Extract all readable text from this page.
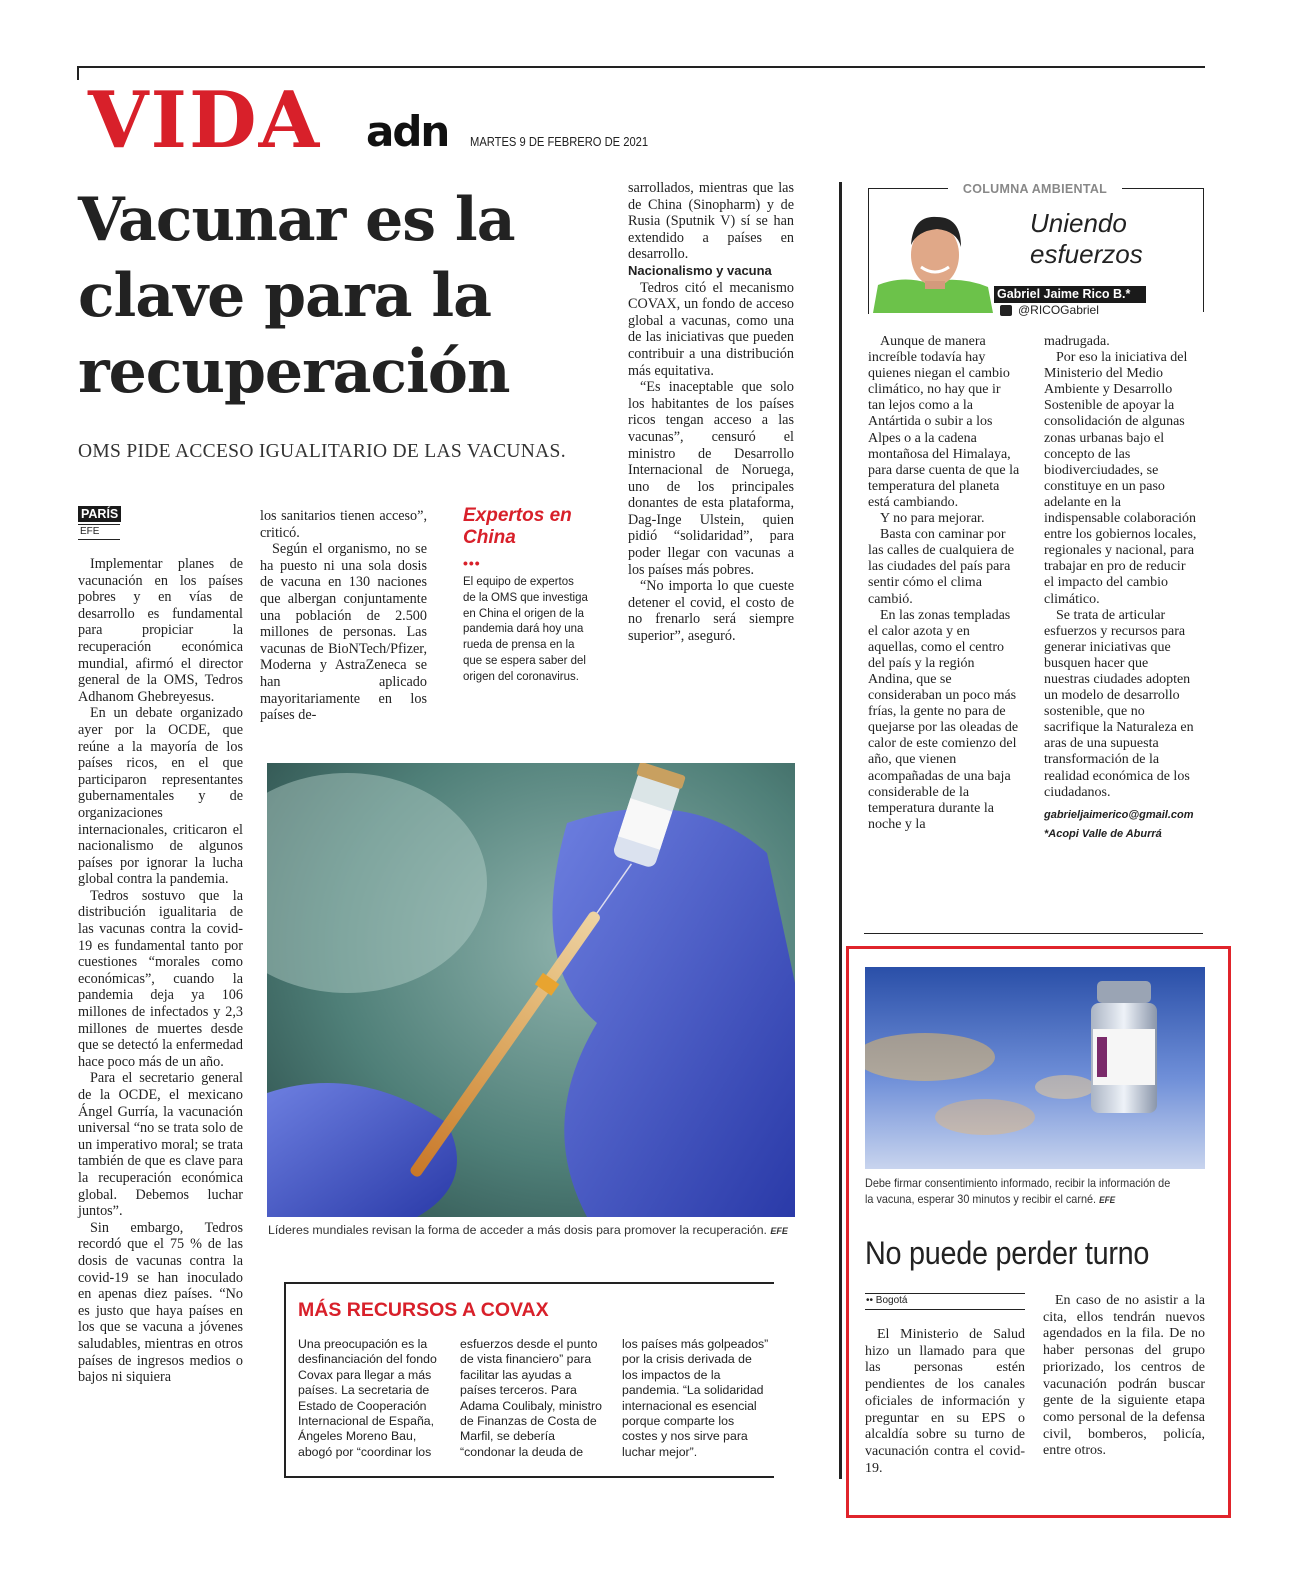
VIDA adn MARTES 9 DE FEBRERO DE 2021
Vacunar es la clave para la recuperación
OMS PIDE ACCESO IGUALITARIO DE LAS VACUNAS.
PARÍS
EFE

Implementar planes de vacunación en los países pobres y en vías de desarrollo es fundamental para propiciar la recuperación económica mundial, afirmó el director general de la OMS, Tedros Adhanom Ghebreyesus.

En un debate organizado ayer por la OCDE, que reúne a la mayoría de los países ricos, en el que participaron representantes gubernamentales y de organizaciones internacionales, criticaron el nacionalismo de algunos países por ignorar la lucha global contra la pandemia.

Tedros sostuvo que la distribución igualitaria de las vacunas contra la covid-19 es fundamental tanto por cuestiones “morales como económicas”, cuando la pandemia deja ya 106 millones de infectados y 2,3 millones de muertes desde que se detectó la enfermedad hace poco más de un año.

Para el secretario general de la OCDE, el mexicano Ángel Gurría, la vacunación universal “no se trata solo de un imperativo moral; se trata también de que es clave para la recuperación económica global. Debemos luchar juntos”.

Sin embargo, Tedros recordó que el 75 % de las dosis de vacunas contra la covid-19 se han inoculado en apenas diez países. “No es justo que haya países en los que se vacuna a jóvenes saludables, mientras en otros países de ingresos medios o bajos ni siquiera

los sanitarios tienen acceso”, criticó.

Según el organismo, no se ha puesto ni una sola dosis de vacuna en 130 naciones que albergan conjuntamente una población de 2.500 millones de personas. Las vacunas de BioNTech/Pfizer, Moderna y AstraZeneca se han aplicado mayoritariamente en los países de-

sarrollados, mientras que las de China (Sinopharm) y de Rusia (Sputnik V) sí se han extendido a países en desarrollo.

Nacionalismo y vacuna

Tedros citó el mecanismo COVAX, un fondo de acceso global a vacunas, como una de las iniciativas que pueden contribuir a una distribución más equitativa.

“Es inaceptable que solo los habitantes de los países ricos tengan acceso a las vacunas”, censuró el ministro de Desarrollo Internacional de Noruega, uno de los principales donantes de esta plataforma, Dag-Inge Ulstein, quien pidió “solidaridad”, para poder llegar con vacunas a los países más pobres.

“No importa lo que cueste detener el covid, el costo de no frenarlo será siempre superior”, aseguró.

Expertos en China
•••
El equipo de expertos de la OMS que investiga en China el origen de la pandemia dará hoy una rueda de prensa en la que se espera saber del origen del coronavirus.
Líderes mundiales revisan la forma de acceder a más dosis para promover la recuperación. EFE
MÁS RECURSOS A COVAX
Una preocupación es la desfinanciación del fondo Covax para llegar a más países. La secretaria de Estado de Cooperación Internacional de España, Ángeles Moreno Bau, abogó por “coordinar los
esfuerzos desde el punto de vista financiero” para facilitar las ayudas a países terceros. Para Adama Coulibaly, ministro de Finanzas de Costa de Marfil, se debería “condonar la deuda de
los países más golpeados” por la crisis derivada de los impactos de la pandemia. “La solidaridad internacional es esencial porque comparte los costes y nos sirve para luchar mejor”.
COLUMNA AMBIENTAL
Uniendo esfuerzos
Gabriel Jaime Rico B.*
@RICOGabriel

Aunque de manera increíble todavía hay quienes niegan el cambio climático, no hay que ir tan lejos como a la Antártida o subir a los Alpes o a la cadena montañosa del Himalaya, para darse cuenta de que la temperatura del planeta está cambiando.

Y no para mejorar.

Basta con caminar por las calles de cualquiera de las ciudades del país para sentir cómo el clima cambió.

En las zonas templadas el calor azota y en aquellas, como el centro del país y la región Andina, que se consideraban un poco más frías, la gente no para de quejarse por las oleadas de calor de este comienzo del año, que vienen acompañadas de una baja considerable de la temperatura durante la noche y la

madrugada.

Por eso la iniciativa del Ministerio del Medio Ambiente y Desarrollo Sostenible de apoyar la consolidación de algunas zonas urbanas bajo el concepto de las biodiverciudades, se constituye en un paso adelante en la indispensable colaboración entre los gobiernos locales, regionales y nacional, para trabajar en pro de reducir el impacto del cambio climático.

Se trata de articular esfuerzos y recursos para generar iniciativas que busquen hacer que nuestras ciudades adopten un modelo de desarrollo sostenible, que no sacrifique la Naturaleza en aras de una supuesta transformación de la realidad económica de los ciudadanos.

gabrieljaimerico@gmail.com
*Acopi Valle de Aburrá
Debe firmar consentimiento informado, recibir la información de la vacuna, esperar 30 minutos y recibir el carné. EFE
No puede perder turno
•• Bogotá

El Ministerio de Salud hizo un llamado para que las personas estén pendientes de los canales oficiales de información y preguntar en su EPS o alcaldía sobre su turno de vacunación contra el covid-19.

En caso de no asistir a la cita, ellos tendrán nuevos agendados en la fila. De no haber personas del grupo priorizado, los centros de vacunación podrán buscar gente de la siguiente etapa como personal de la defensa civil, bomberos, policía, entre otros.
